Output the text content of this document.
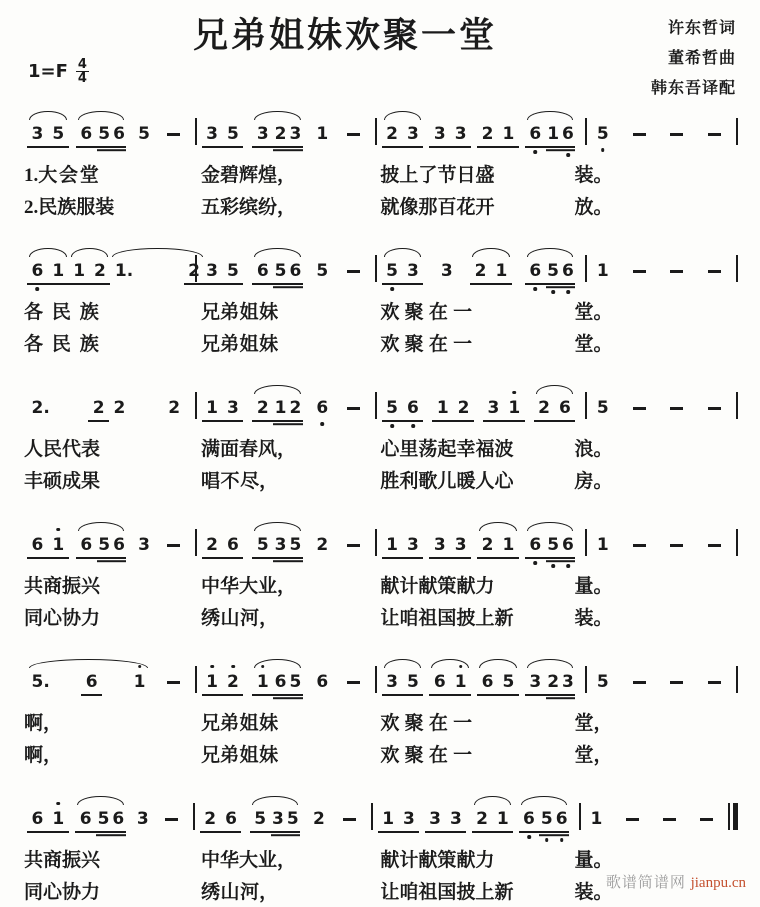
兄弟姐妹欢聚一堂	许东哲词
董希哲曲
韩东吾译配
1=F 4
4
3 5 6 5 6 5	3 5 3 2 3 1	2 3 3 3 2 1 6 1 6 5
1.大 会 堂	金碧 辉 煌，	披 上了 节日 盛	装。
2.民族 服 装	五彩 缤 纷，	就 像那 百花 开	放。
6 1 1 2 1.	2 3 5 6 5 6 5	5 3 3 2 1 6 5 6 1
各 民 族	兄弟 姐 妹	欢 聚 在 一	堂。
各 民 族	兄弟 姐 妹	欢 聚 在 一	堂。
2.	2 2	2 1 3 2 1 2 6	5 6 1 2 3 1 2 6 5
人 民代 表	满面 春 风，	心里 荡起 幸福 波	浪。
丰 硕成 果	唱 不 尽，	胜利 歌儿 暖人 心	房。
6 1 6 5 6 3	2 6 5 3 5 2	1 3 3 3 2 1 6 5 6 1
共商 振 兴	中华 大 业，	献计 献策 献 力	量。
同心 协 力	绣 山 河，	让咱 祖国 披上 新	装。
5. 6 1	1 2 1 6 5 6	3 5 6 1 6 5 3 2 3 5
啊，	兄弟 姐 妹	欢 聚 在 一	堂，
啊，	兄弟 姐 妹	欢 聚 在 一	堂，
6 1 6 5 6 3	2 6 5 3 5 2	1 3 3 3 2 1 6 5 6 1
共商 振 兴	中华 大 业，	献计 献策 献 力	量。
同心 协 力	绣 山 河，	让咱 祖国 披上 新	装。
歌谱简谱网 jianpu.cn
